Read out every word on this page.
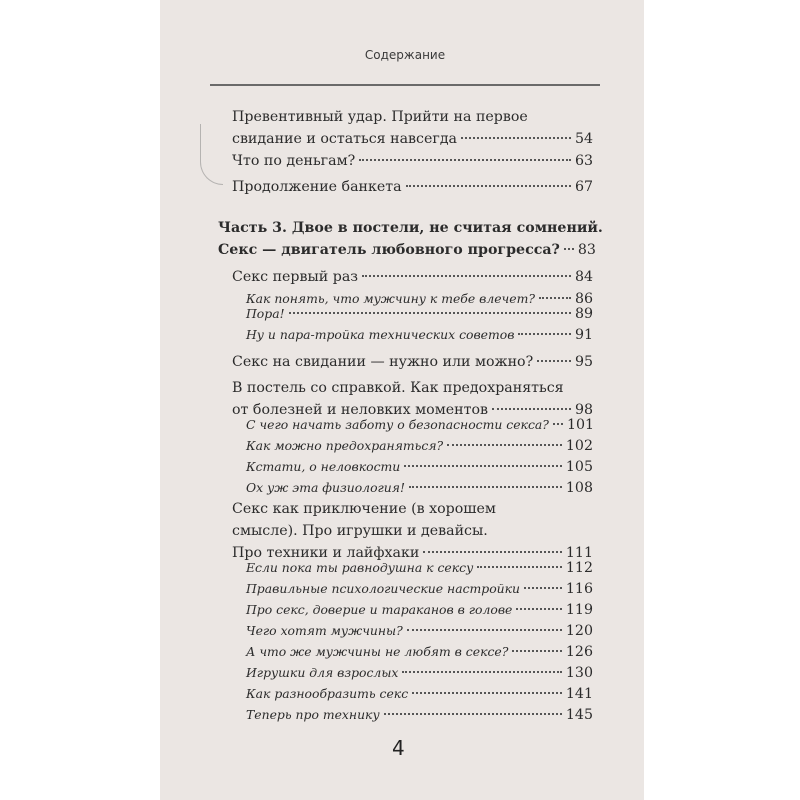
Содержание
Превентивный удар. Прийти на первое
свидание и остаться навсегда	54
Что по деньгам?	63
Продолжение банкета	67
Часть 3. Двое в постели, не считая сомнений.
Секс — двигатель любовного прогресса? 83
Секс первый раз	84
Как понять, что мужчину к тебе влечет?	86
Пора!	89
Ну и пара-тройка технических советов	91
Секс на свидании — нужно или можно?	95
В постель со справкой. Как предохраняться
от болезней и неловких моментов	98
С чего начать заботу о безопасности секса? 101
Как можно предохраняться?	102
Кстати, о неловкости	105
Ох уж эта физиология!	108
Секс как приключение (в хорошем
смысле). Про игрушки и девайсы.
Про техники и лайфхаки	111
Если пока ты равнодушна к сексу	112
Правильные психологические настройки	116
Про секс, доверие и тараканов в голове	119
Чего хотят мужчины?	120
А что же мужчины не любят в сексе?	126
Игрушки для взрослых	130
Как разнообразить секс	141
Теперь про технику	145
4
